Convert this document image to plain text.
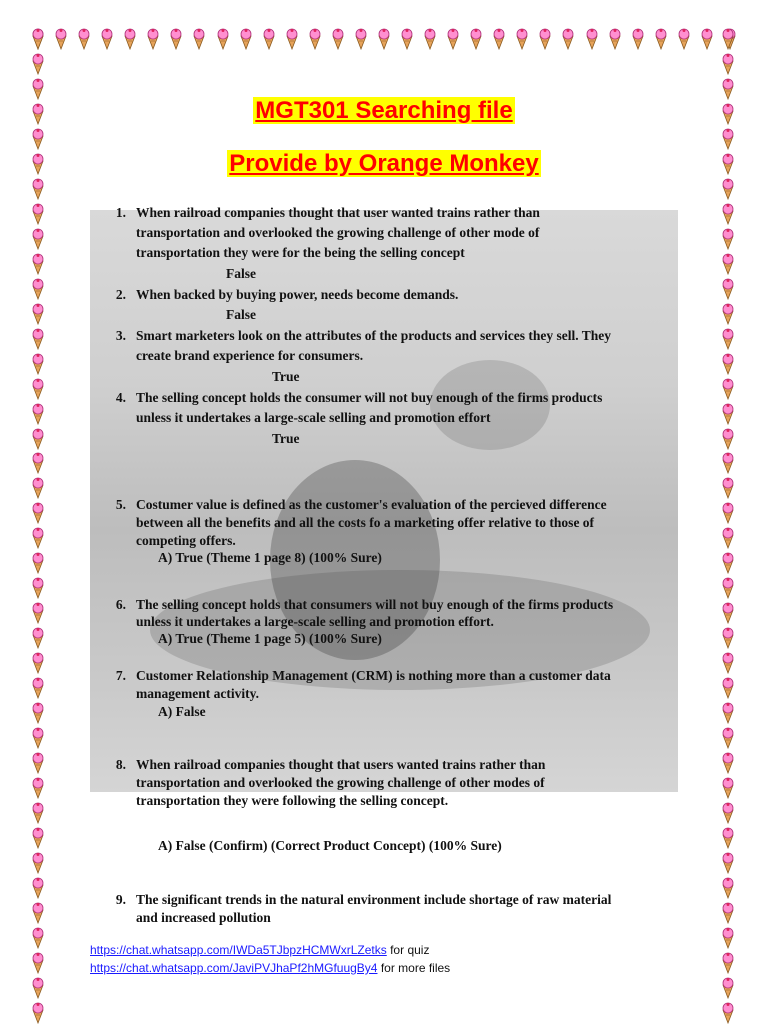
MGT301 Searching file
Provide by Orange Monkey
1. When railroad companies thought that user wanted trains rather than
transportation and overlooked the growing challenge of other mode of
transportation they were for the being the selling concept
False
2. When backed by buying power, needs become demands.
False
3. Smart marketers look on the attributes of the products and services they sell. They
create brand experience for consumers.
True
4. The selling concept holds the consumer will not buy enough of the firms products
unless it undertakes a large-scale selling and promotion effort
True
5. Costumer value is defined as the customer's evaluation of the percieved difference
between all the benefits and all the costs fo a marketing offer relative to those of
competing offers.
A) True (Theme 1 page 8) (100% Sure)
6. The selling concept holds that consumers will not buy enough of the firms products
unless it undertakes a large-scale selling and promotion effort.
A) True (Theme 1 page 5) (100% Sure)
7. Customer Relationship Management (CRM) is nothing more than a customer data
management activity.
A) False
8. When railroad companies thought that users wanted trains rather than
transportation and overlooked the growing challenge of other modes of
transportation they were following the selling concept.
A) False (Confirm) (Correct Product Concept) (100% Sure)
9. The significant trends in the natural environment include shortage of raw material
and increased pollution
https://chat.whatsapp.com/IWDa5TJbpzHCMWxrLZetks for quiz
https://chat.whatsapp.com/JaviPVJhaPf2hMGfuugBy4 for more files
